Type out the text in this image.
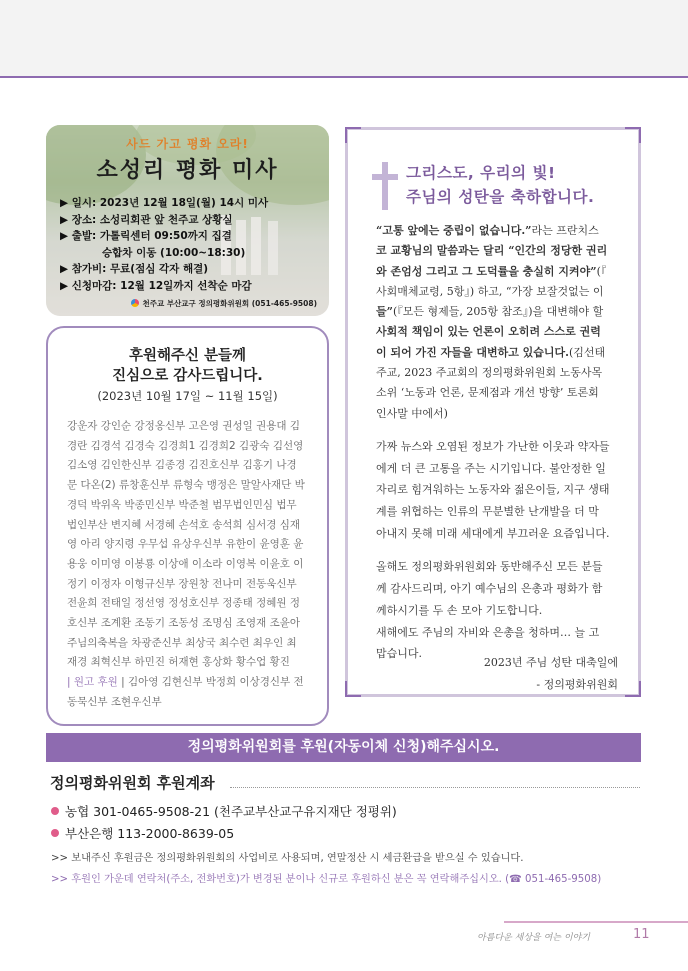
사드 가고 평화 오라!
소성리 평화 미사
▶ 일시: 2023년 12월 18일(월) 14시 미사
▶ 장소: 소성리회관 앞 천주교 상황실
▶ 출발: 가톨릭센터 09:50까지 집결
승합차 이동 (10:00~18:30)
▶ 참가비: 무료(점심 각자 해결)
▶ 신청마감: 12월 12일까지 선착순 마감
천주교 부산교구 정의평화위원회 (051-465-9508)
후원해주신 분들께
진심으로 감사드립니다.
(2023년 10월 17일 ~ 11월 15일)
강운자 강인순 강정옹신부 고은영 권성일 권용대 김
경란 김경석 김경숙 김경희1 김경희2 김광숙 김선영
김소영 김인한신부 김종경 김진호신부 김홍기 나경
문 다온(2) 류창훈신부 류형숙 맹정은 말알사재단 박
경덕 박위옥 박종민신부 박준철 범무법인민심 법무
법인부산 변지혜 서경혜 손석호 송석희 심서경 심재
영 아리 양지령 우무섭 유상우신부 유한이 윤영훈 윤
용웅 이미영 이봉룡 이상애 이소라 이영복 이윤호 이
정기 이정자 이형규신부 장원창 전나미 전동욱신부
전윤희 전태일 정선영 정성호신부 정종태 정혜원 정
호신부 조계환 조동기 조동성 조명심 조영재 조윤아
주님의축복을 차광준신부 최상국 최수련 최우인 최
재경 최혁신부 하민진 허재현 홍상화 황수업 황진
| 원고 후원 | 김아영 김현신부 박정희 이상경신부 전
동묵신부 조현우신부
그리스도, 우리의 빛!
주님의 성탄을 축하합니다.
“고통 앞에는 중립이 없습니다.”라는 프란치스
코 교황님의 말씀과는 달리 “인간의 정당한 권리
와 존엄성 그리고 그 도덕률을 충실히 지켜야”(『
사회매체교령, 5항』) 하고, “가장 보잘것없는 이
들”(『모든 형제들, 205항 참조』)을 대변해야 할
사회적 책임이 있는 언론이 오히려 스스로 권력
이 되어 가진 자들을 대변하고 있습니다.(김선태
주교, 2023 주교회의 정의평화위원회 노동사목
소위 ‘노동과 언론, 문제점과 개선 방향’ 토론회
인사말 中에서)
가짜 뉴스와 오염된 정보가 가난한 이웃과 약자들
에게 더 큰 고통을 주는 시기입니다. 불안정한 일
자리로 힘겨워하는 노동자와 젊은이들, 지구 생태
계를 위협하는 인류의 무분별한 난개발을 더 막
아내지 못해 미래 세대에게 부끄러운 요즘입니다.
올해도 정의평화위원회와 동반해주신 모든 분들
께 감사드리며, 아기 예수님의 은총과 평화가 함
께하시기를 두 손 모아 기도합니다.
새해에도 주님의 자비와 은총을 청하며… 늘 고
맙습니다.
2023년 주님 성탄 대축일에
- 정의평화위원회
정의평화위원회를 후원(자동이체 신청)해주십시오.
정의평화위원회 후원계좌
농협 301-0465-9508-21 (천주교부산교구유지재단 정평위)
부산은행 113-2000-8639-05
>> 보내주신 후원금은 정의평화위원회의 사업비로 사용되며, 연말정산 시 세금환급을 받으실 수 있습니다.
>> 후원인 가운데 연락처(주소, 전화번호)가 변경된 분이나 신규로 후원하신 분은 꼭 연락해주십시오. (☎ 051-465-9508)
아름다운 세상을 여는 이야기	11
